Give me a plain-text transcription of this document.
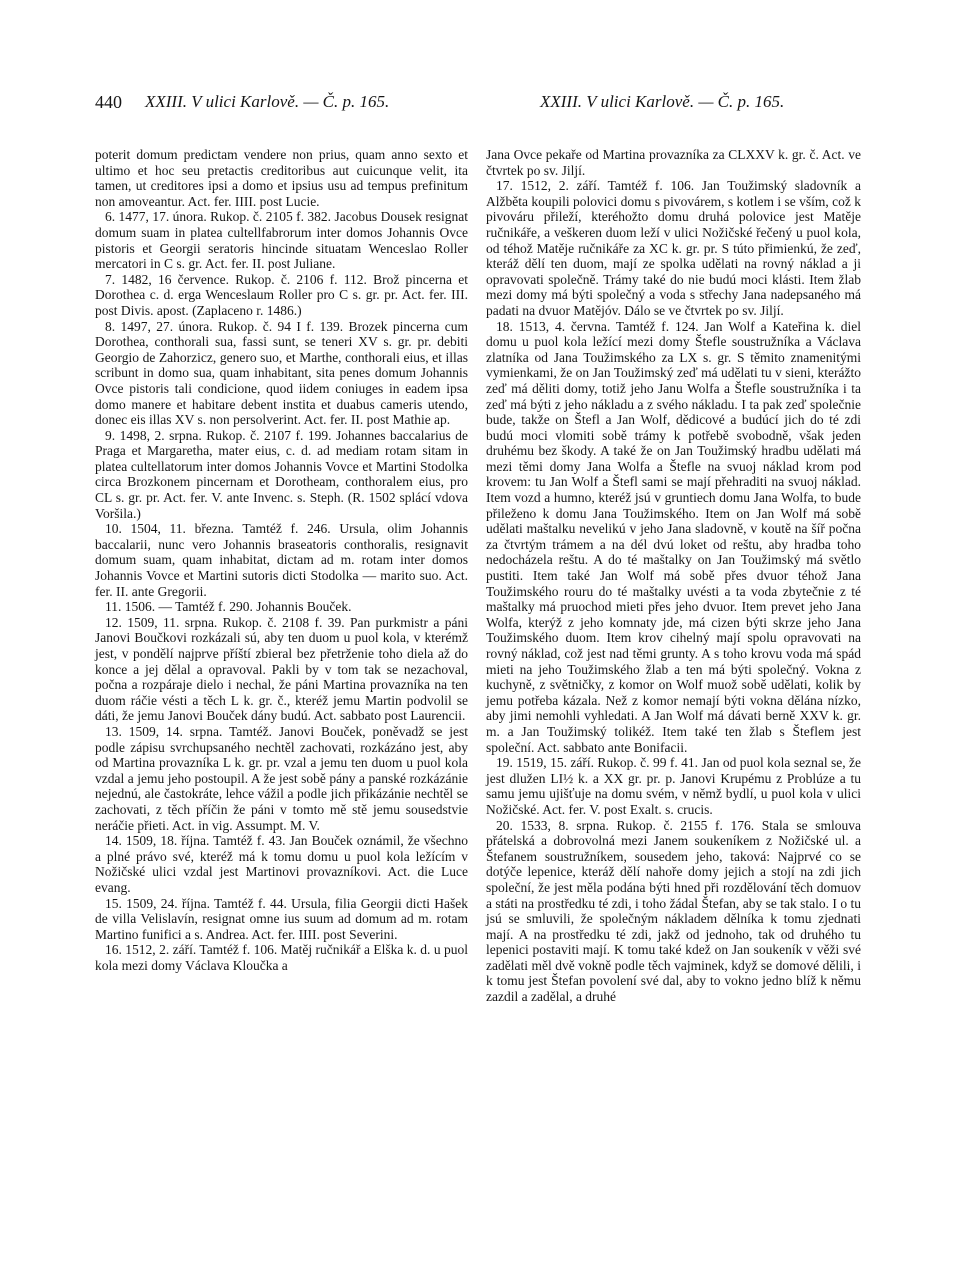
440 XXIII. V ulici Karlově. — Č. p. 165.	XXIII. V ulici Karlově. — Č. p. 165.

poterit domum predictam vendere non prius, quam anno sexto et ultimo et hoc seu pretactis creditoribus aut cuicunque velit, ita tamen, ut creditores ipsi a domo et ipsius usu ad tempus prefinitum non amoveantur. Act. fer. IIII. post Lucie.

6. 1477, 17. února. Rukop. č. 2105 f. 382. Jacobus Dousek resignat domum suam in platea cultellfabrorum inter domos Johannis Ovce pistoris et Georgii seratoris hincinde situatam Wenceslao Roller mercatori in C s. gr. Act. fer. II. post Juliane.

7. 1482, 16 července. Rukop. č. 2106 f. 112. Brož pincerna et Dorothea c. d. erga Wenceslaum Roller pro C s. gr. pr. Act. fer. III. post Divis. apost. (Zaplaceno r. 1486.)

8. 1497, 27. února. Rukop. č. 94 I f. 139. Brozek pincerna cum Dorothea, conthorali sua, fassi sunt, se teneri XV s. gr. pr. debiti Georgio de Zahorzicz, genero suo, et Marthe, conthorali eius, et illas scribunt in domo sua, quam inhabitant, sita penes domum Johannis Ovce pistoris tali condicione, quod iidem coniuges in eadem ipsa domo manere et habitare debent instita et duabus cameris utendo, donec eis illas XV s. non persolverint. Act. fer. II. post Mathie ap.

9. 1498, 2. srpna. Rukop. č. 2107 f. 199. Johannes baccalarius de Praga et Margaretha, mater eius, c. d. ad mediam rotam sitam in platea cultellatorum inter domos Johannis Vovce et Martini Stodolka circa Brozkonem pincernam et Dorotheam, conthoralem eius, pro CL s. gr. pr. Act. fer. V. ante Invenc. s. Steph. (R. 1502 splácí vdova Voršila.)

10. 1504, 11. března. Tamtéž f. 246. Ursula, olim Johannis baccalarii, nunc vero Johannis braseatoris conthoralis, resignavit domum suam, quam inhabitat, dictam ad m. rotam inter domos Johannis Vovce et Martini sutoris dicti Stodolka — marito suo. Act. fer. II. ante Gregorii.

11. 1506. — Tamtéž f. 290. Johannis Bouček.

12. 1509, 11. srpna. Rukop. č. 2108 f. 39. Pan purkmistr a páni Janovi Boučkovi rozkázali sú, aby ten duom u puol kola, v kterémž jest, v pondělí najprve příští zbieral bez přetrženie toho diela až do konce a jej dělal a opravoval. Pakli by v tom tak se nezachoval, počna a rozpáraje dielo i nechal, že páni Martina provazníka na ten duom ráčie vésti a těch L k. gr. č., kteréž jemu Martin podvolil se dáti, že jemu Janovi Bouček dány budú. Act. sabbato post Laurencii.

13. 1509, 14. srpna. Tamtéž. Janovi Bouček, poněvadž se jest podle zápisu svrchupsaného nechtěl zachovati, rozkázáno jest, aby od Martina provazníka L k. gr. pr. vzal a jemu ten duom u puol kola vzdal a jemu jeho postoupil. A že jest sobě pány a panské rozkázánie nejednú, ale častokráte, lehce vážil a podle jich přikázánie nechtěl se zachovati, z těch příčin že páni v tomto mě stě jemu sousedstvie neráčie přieti. Act. in vig. Assumpt. M. V.

14. 1509, 18. října. Tamtéž f. 43. Jan Bouček oznámil, že všechno a plné právo své, kteréž má k tomu domu u puol kola ležícím v Nožičské ulici vzdal jest Martinovi provazníkovi. Act. die Luce evang.

15. 1509, 24. října. Tamtéž f. 44. Ursula, filia Georgii dicti Hašek de villa Velislavín, resignat omne ius suum ad domum ad m. rotam Martino funifici a s. Andrea. Act. fer. IIII. post Severini.

16. 1512, 2. září. Tamtéž f. 106. Matěj ručnikář a Elška k. d. u puol kola mezi domy Václava Kloučka a

Jana Ovce pekaře od Martina provazníka za CLXXV k. gr. č. Act. ve čtvrtek po sv. Jiljí.

17. 1512, 2. září. Tamtéž f. 106. Jan Toužimský sladovník a Alžběta koupili polovici domu s pivovárem, s kotlem i se vším, což k pivováru přileží, kteréhožto domu druhá polovice jest Matěje ručnikáře, a veškeren duom leží v ulici Nožičské řečený u puol kola, od téhož Matěje ručnikáře za XC k. gr. pr. S túto přimienkú, že zeď, kteráž dělí ten duom, mají ze spolka udělati na rovný náklad a ji opravovati společně. Trámy také do nie budú moci klásti. Item žlab mezi domy má býti společný a voda s střechy Jana nadepsaného má padati na dvuor Matějóv. Dálo se ve čtvrtek po sv. Jiljí.

18. 1513, 4. června. Tamtéž f. 124. Jan Wolf a Kateřina k. diel domu u puol kola ležící mezi domy Štefle soustružníka a Václava zlatníka od Jana Toužimského za LX s. gr. S těmito znamenitými vymienkami, že on Jan Toužimský zeď má udělati tu v sieni, kterážto zeď má děliti domy, totiž jeho Janu Wolfa a Štefle soustružníka i ta zeď má býti z jeho nákladu a z svého nákladu. I ta pak zeď společnie bude, takže on Štefl a Jan Wolf, dědicové a budúcí jich do té zdi budú moci vlomiti sobě trámy k potřebě svobodně, však jeden druhému bez škody. A také že on Jan Toužimský hradbu udělati má mezi těmi domy Jana Wolfa a Štefle na svuoj náklad krom pod krovem: tu Jan Wolf a Štefl sami se mají přehraditi na svuoj náklad. Item vozd a humno, kteréž jsú v gruntiech domu Jana Wolfa, to bude přileženo k domu Jana Toužimského. Item on Jan Wolf má sobě udělati maštalku nevelikú v jeho Jana sladovně, v koutě na šíř počna za čtvrtým trámem a na dél dvú loket od reštu, aby hradba toho nedocházela reštu. A do té maštalky on Jan Toužimský má světlo pustiti. Item také Jan Wolf má sobě přes dvuor téhož Jana Toužimského rouru do té maštalky uvésti a ta voda zbytečnie z té maštalky má pruochod mieti přes jeho dvuor. Item prevet jeho Jana Wolfa, kterýž z jeho komnaty jde, má cizen býti skrze jeho Jana Toužimského duom. Item krov cihelný mají spolu opravovati na rovný náklad, což jest nad těmi grunty. A s toho krovu voda má spád mieti na jeho Toužimského žlab a ten má býti společný. Vokna z kuchyně, z světničky, z komor on Wolf muož sobě udělati, kolik by jemu potřeba kázala. Než z komor nemají býti vokna dělána nízko, aby jimi nemohli vyhledati. A Jan Wolf má dávati berně XXV k. gr. m. a Jan Toužimský tolikéž. Item také ten žlab s Šteflem jest společní. Act. sabbato ante Bonifacii.

19. 1519, 15. září. Rukop. č. 99 f. 41. Jan od puol kola seznal se, že jest dlužen LI½ k. a XX gr. pr. p. Janovi Krupému z Problúze a tu samu jemu ujišťuje na domu svém, v němž bydlí, u puol kola v ulici Nožičské. Act. fer. V. post Exalt. s. crucis.

20. 1533, 8. srpna. Rukop. č. 2155 f. 176. Stala se smlouva přátelská a dobrovolná mezi Janem soukeníkem z Nožičské ul. a Štefanem soustružníkem, sousedem jeho, taková: Najprvé co se dotýče lepenice, kteráž dělí nahoře domy jejich a stojí na zdi jich společní, že jest měla podána býti hned při rozdělování těch domuov a státi na prostředku té zdi, i toho žádal Štefan, aby se tak stalo. I o tu jsú se smluvili, že společným nákladem dělníka k tomu zjednati mají. A na prostředku té zdi, jakž od jednoho, tak od druhého tu lepenici postaviti mají. K tomu také kdež on Jan soukeník v věži své zadělati měl dvě vokně podle těch vajminek, když se domové dělili, i k tomu jest Štefan povolení své dal, aby to vokno jedno blíž k němu zazdil a zadělal, a druhé
